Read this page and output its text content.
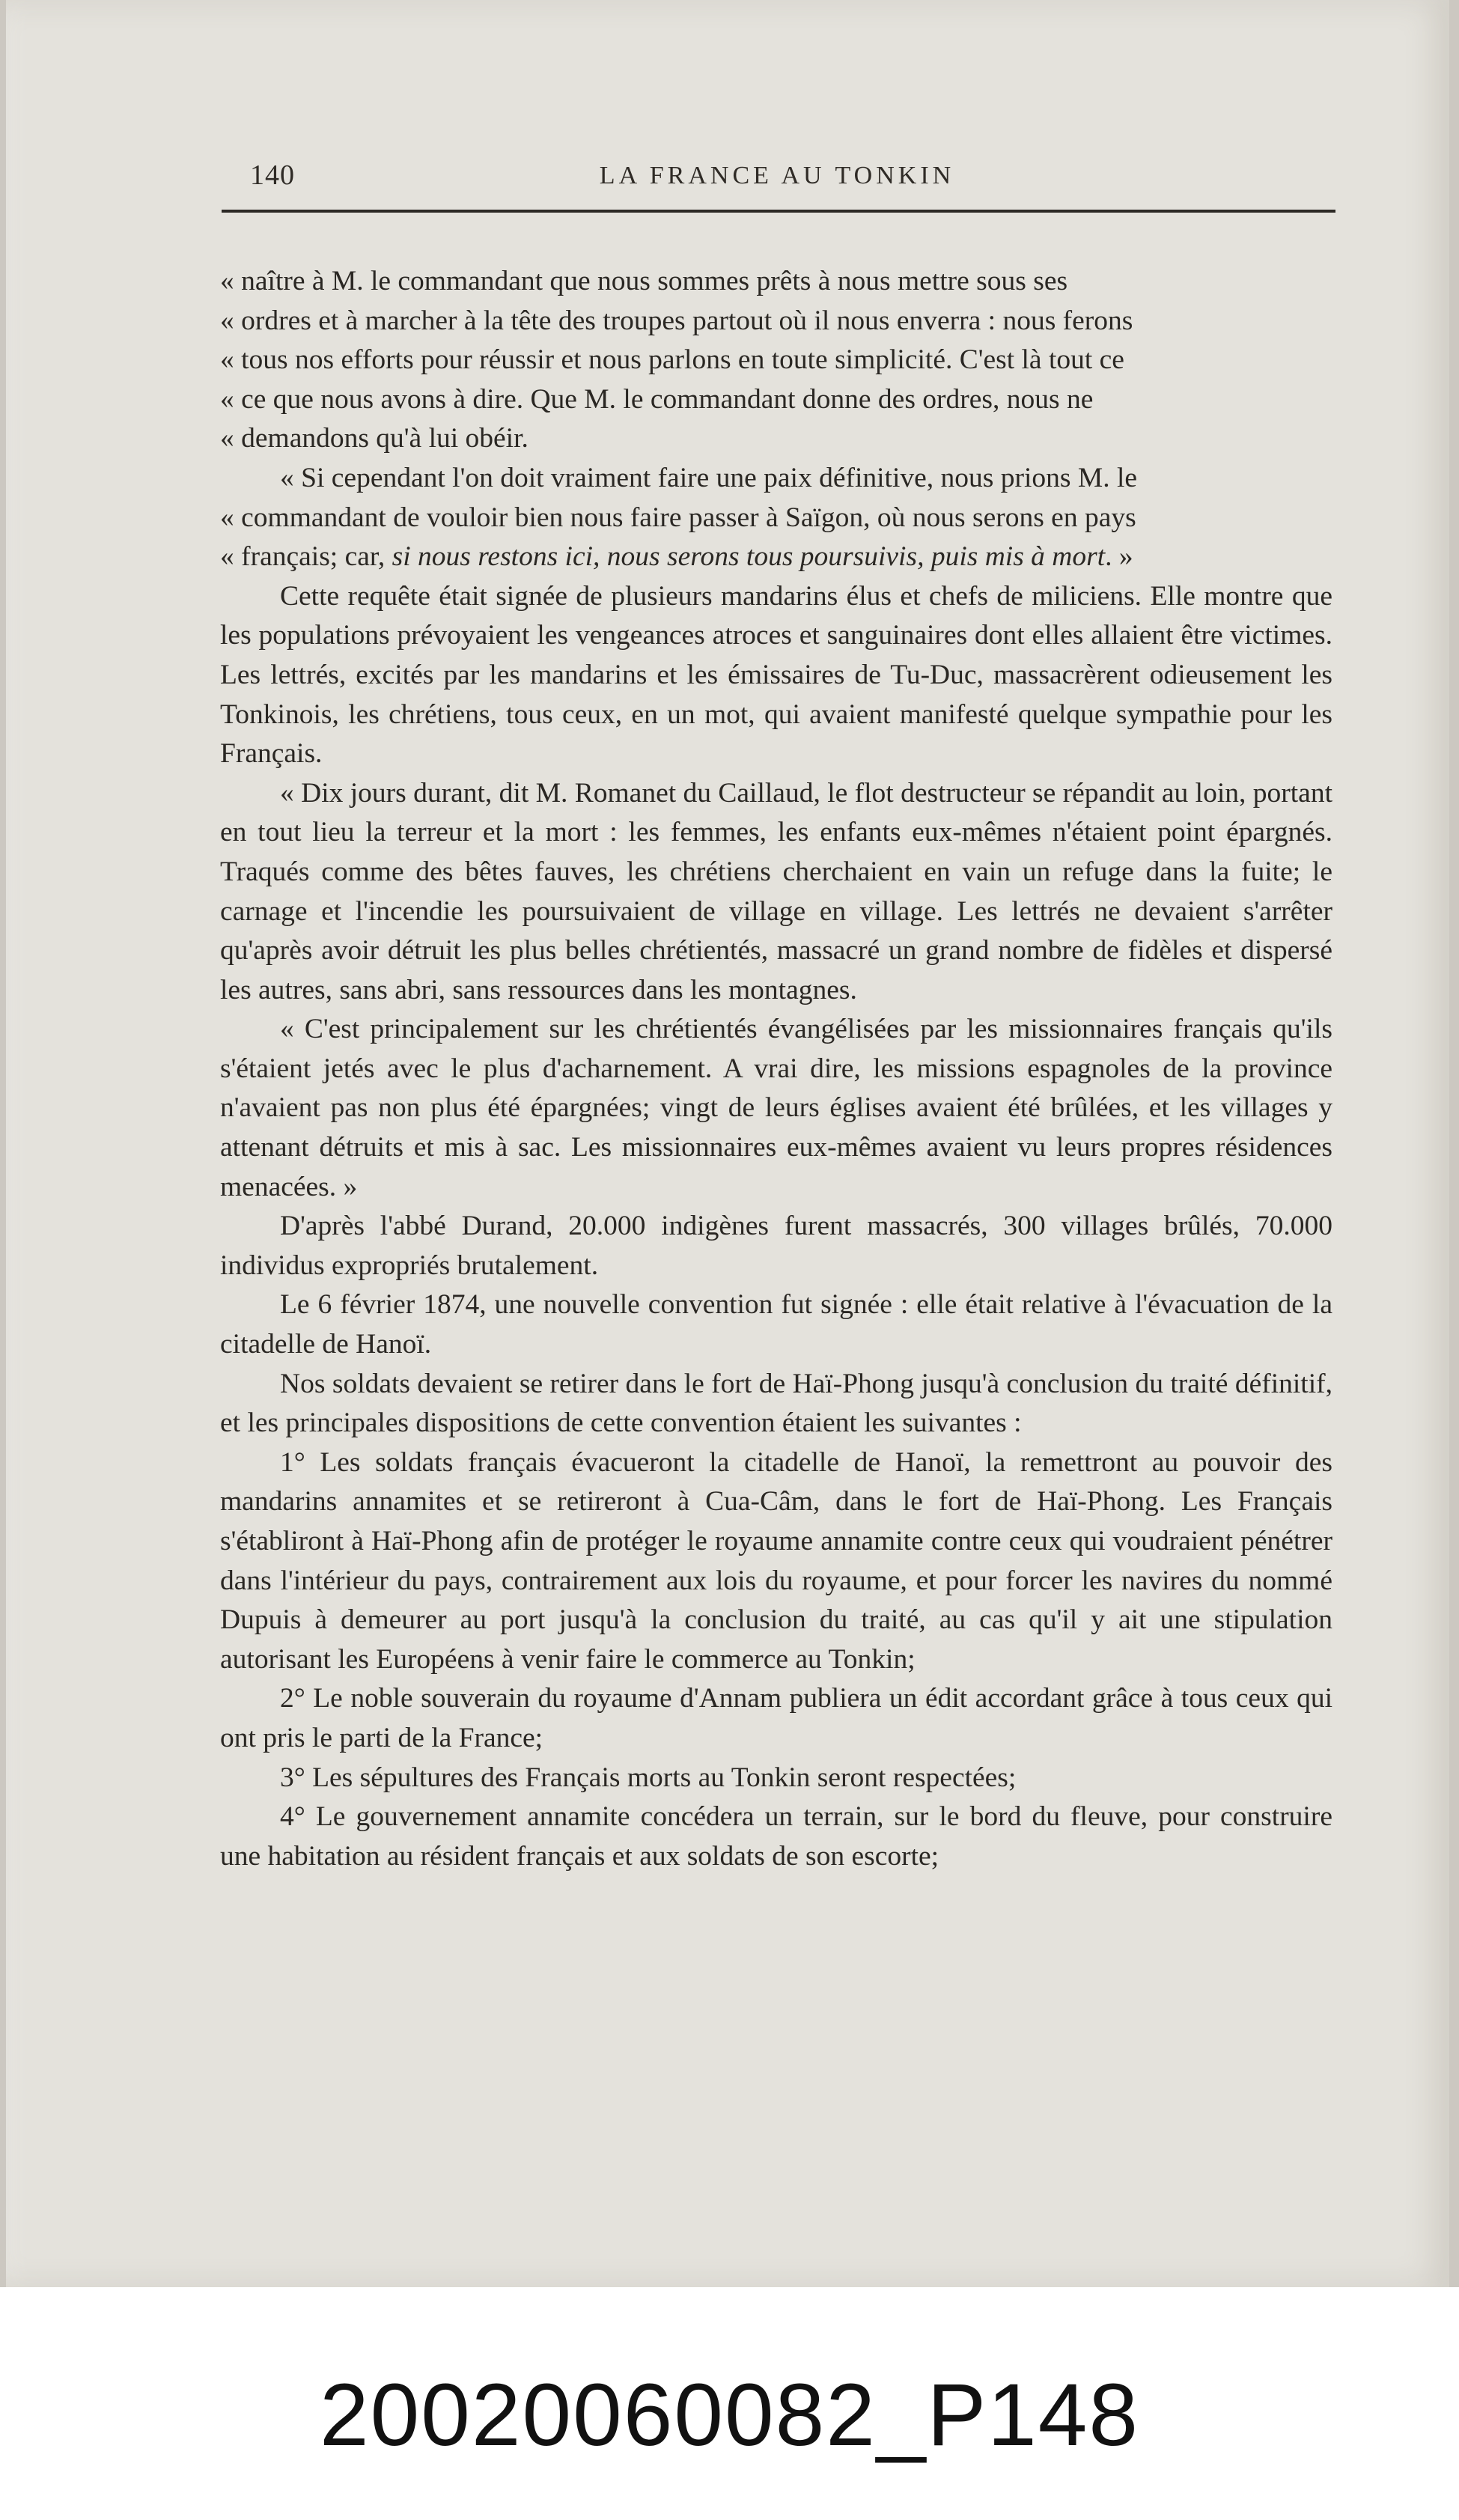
140	LA FRANCE AU TONKIN

« naître à M. le commandant que nous sommes prêts à nous mettre sous ses

« ordres et à marcher à la tête des troupes partout où il nous enverra : nous ferons

« tous nos efforts pour réussir et nous parlons en toute simplicité. C'est là tout ce

« ce que nous avons à dire. Que M. le commandant donne des ordres, nous ne

« demandons qu'à lui obéir.

« Si cependant l'on doit vraiment faire une paix définitive, nous prions M. le

« commandant de vouloir bien nous faire passer à Saïgon, où nous serons en pays

« français; car, si nous restons ici, nous serons tous poursuivis, puis mis à mort. »

Cette requête était signée de plusieurs mandarins élus et chefs de miliciens. Elle montre que les populations prévoyaient les vengeances atroces et sanguinaires dont elles allaient être victimes. Les lettrés, excités par les mandarins et les émissaires de Tu-Duc, massacrèrent odieusement les Tonkinois, les chrétiens, tous ceux, en un mot, qui avaient manifesté quelque sympathie pour les Français.

« Dix jours durant, dit M. Romanet du Caillaud, le flot destructeur se répandit au loin, portant en tout lieu la terreur et la mort : les femmes, les enfants eux-mêmes n'étaient point épargnés. Traqués comme des bêtes fauves, les chrétiens cherchaient en vain un refuge dans la fuite; le carnage et l'incendie les poursuivaient de village en village. Les lettrés ne devaient s'arrêter qu'après avoir détruit les plus belles chrétientés, massacré un grand nombre de fidèles et dispersé les autres, sans abri, sans ressources dans les montagnes.

« C'est principalement sur les chrétientés évangélisées par les missionnaires français qu'ils s'étaient jetés avec le plus d'acharnement. A vrai dire, les missions espagnoles de la province n'avaient pas non plus été épargnées; vingt de leurs églises avaient été brûlées, et les villages y attenant détruits et mis à sac. Les missionnaires eux-mêmes avaient vu leurs propres résidences menacées. »

D'après l'abbé Durand, 20.000 indigènes furent massacrés, 300 villages brûlés, 70.000 individus expropriés brutalement.

Le 6 février 1874, une nouvelle convention fut signée : elle était relative à l'évacuation de la citadelle de Hanoï.

Nos soldats devaient se retirer dans le fort de Haï-Phong jusqu'à conclusion du traité définitif, et les principales dispositions de cette convention étaient les suivantes :

1° Les soldats français évacueront la citadelle de Hanoï, la remettront au pouvoir des mandarins annamites et se retireront à Cua-Câm, dans le fort de Haï-Phong. Les Français s'établiront à Haï-Phong afin de protéger le royaume annamite contre ceux qui voudraient pénétrer dans l'intérieur du pays, contrairement aux lois du royaume, et pour forcer les navires du nommé Dupuis à demeurer au port jusqu'à la conclusion du traité, au cas qu'il y ait une stipulation autorisant les Européens à venir faire le commerce au Tonkin;

2° Le noble souverain du royaume d'Annam publiera un édit accordant grâce à tous ceux qui ont pris le parti de la France;

3° Les sépultures des Français morts au Tonkin seront respectées;

4° Le gouvernement annamite concédera un terrain, sur le bord du fleuve, pour construire une habitation au résident français et aux soldats de son escorte;

20020060082_P148
